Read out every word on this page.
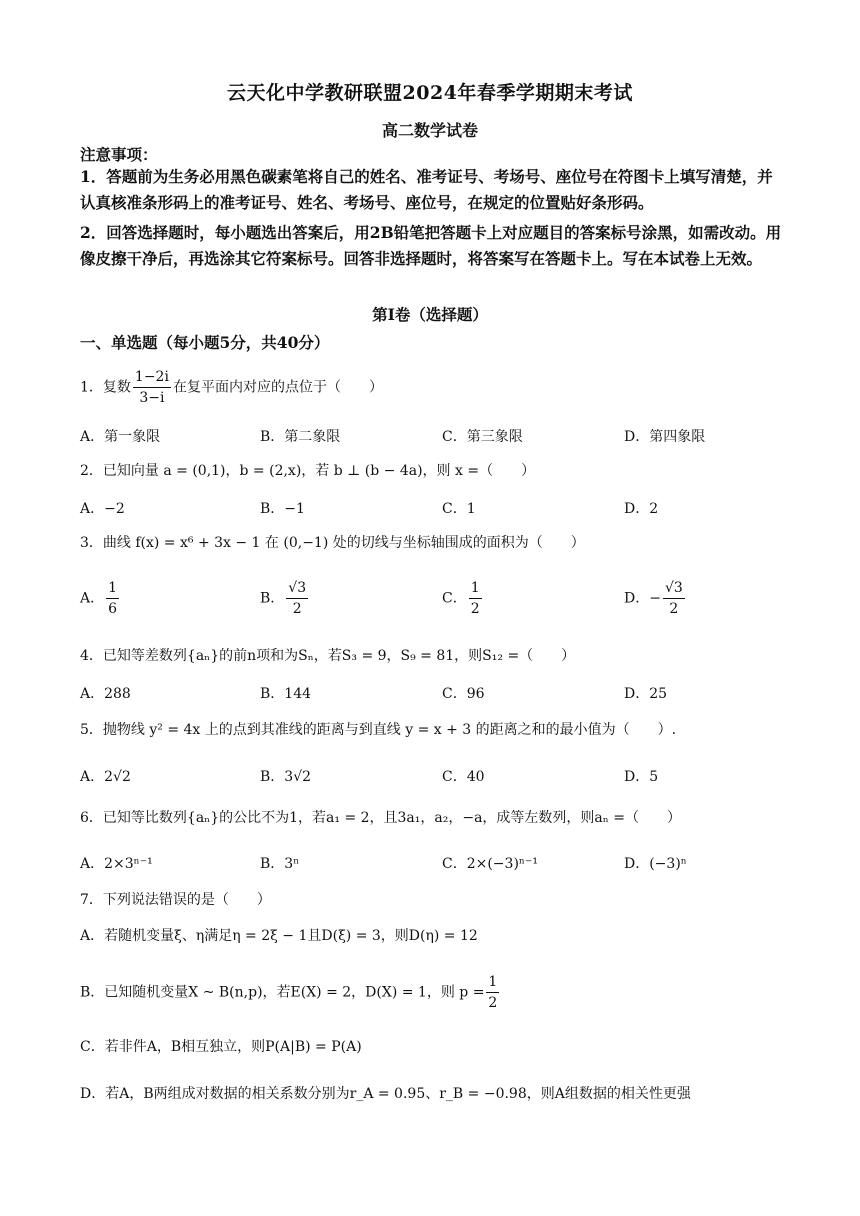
云天化中学教研联盟2024年春季学期期末考试
高二数学试卷
注意事项：
1．答题前为生务必用黑色碳素笔将自己的姓名、准考证号、考场号、座位号在符图卡上填写清楚，并认真核准条形码上的准考证号、姓名、考场号、座位号，在规定的位置贴好条形码。
2．回答选择题时，每小题选出答案后，用2B铅笔把答题卡上对应题目的答案标号涂黑，如需改动。用像皮擦干净后，再选涂其它符案标号。回答非选择题时，将答案写在答题卡上。写在本试卷上无效。
第Ⅰ卷（选择题）
一、单选题（每小题5分，共40分）
1．复数 $\frac{1-2i}{3-i}$ 在复平面内对应的点位于（　　）
A．第一象限	B．第二象限	C．第三象限	D．第四象限
2．已知向量 a = (0,1)，b = (2,x)，若 b ⊥ (b − 4a)，则 x =（　　）
A．−2	B．−1	C．1	D．2
3．曲线 f(x) = x⁶ + 3x − 1 在 (0,−1) 处的切线与坐标轴围成的面积为（　　）
A． $\frac{1}{6}$	B． $\frac{√3}{2}$	C． $\frac{1}{2}$	D．− $\frac{√3}{2}$
4．已知等差数列{aₙ}的前n项和为Sₙ，若S₃ = 9，S₉ = 81，则S₁₂ =（　　）
A．288	B．144	C．96	D．25
5．抛物线 y² = 4x 上的点到其准线的距离与到直线 y = x + 3 的距离之和的最小值为（　　）.
A．2√2	B．3√2	C．40	D．5
6．已知等比数列{aₙ}的公比不为1，若a₁ = 2，且3a₁，a₂，−a，成等左数列，则aₙ =（　　）
A．2×3ⁿ⁻¹	B．3ⁿ	C．2×(−3)ⁿ⁻¹	D．(−3)ⁿ
7．下列说法错误的是（　　）
A．若随机变量ξ、η满足η = 2ξ − 1且D(ξ) = 3，则D(η) = 12
B．已知随机变量X ~ B(n,p)，若E(X) = 2，D(X) = 1，则 $p = \frac{1}{2}$
C．若非件A，B相互独立，则P(A|B) = P(A)
D．若A，B两组成对数据的相关系数分别为r_A = 0.95、r_B = −0.98，则A组数据的相关性更强
